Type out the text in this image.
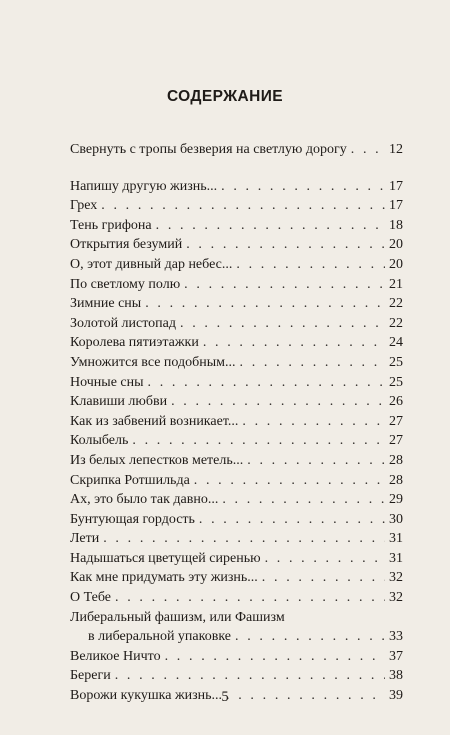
СОДЕРЖАНИЕ
Свернуть с тропы безверия на светлую дорогу . . .	12
Напишу другую жизнь... . . .	17
Грех . . .	17
Тень грифона . . .	18
Открытия безумий . . .	20
О, этот дивный дар небес... . . .	20
По светлому полю . . .	21
Зимние сны . . .	22
Золотой листопад . . .	22
Королева пятиэтажки . . .	24
Умножится все подобным... . . .	25
Ночные сны . . .	25
Клавиши любви . . .	26
Как из забвений возникает... . . .	27
Колыбель . . .	27
Из белых лепестков метель... . . .	28
Скрипка Ротшильда . . .	28
Ах, это было так давно... . . .	29
Бунтующая гордость . . .	30
Лети . . .	31
Надышаться цветущей сиренью . . .	31
Как мне придумать эту жизнь... . . .	32
О Тебе . . .	32
Либеральный фашизм, или Фашизм
в либеральной упаковке . . .	33
Великое Ничто . . .	37
Береги . . .	38
Ворожи кукушка жизнь... . . .	39
5
